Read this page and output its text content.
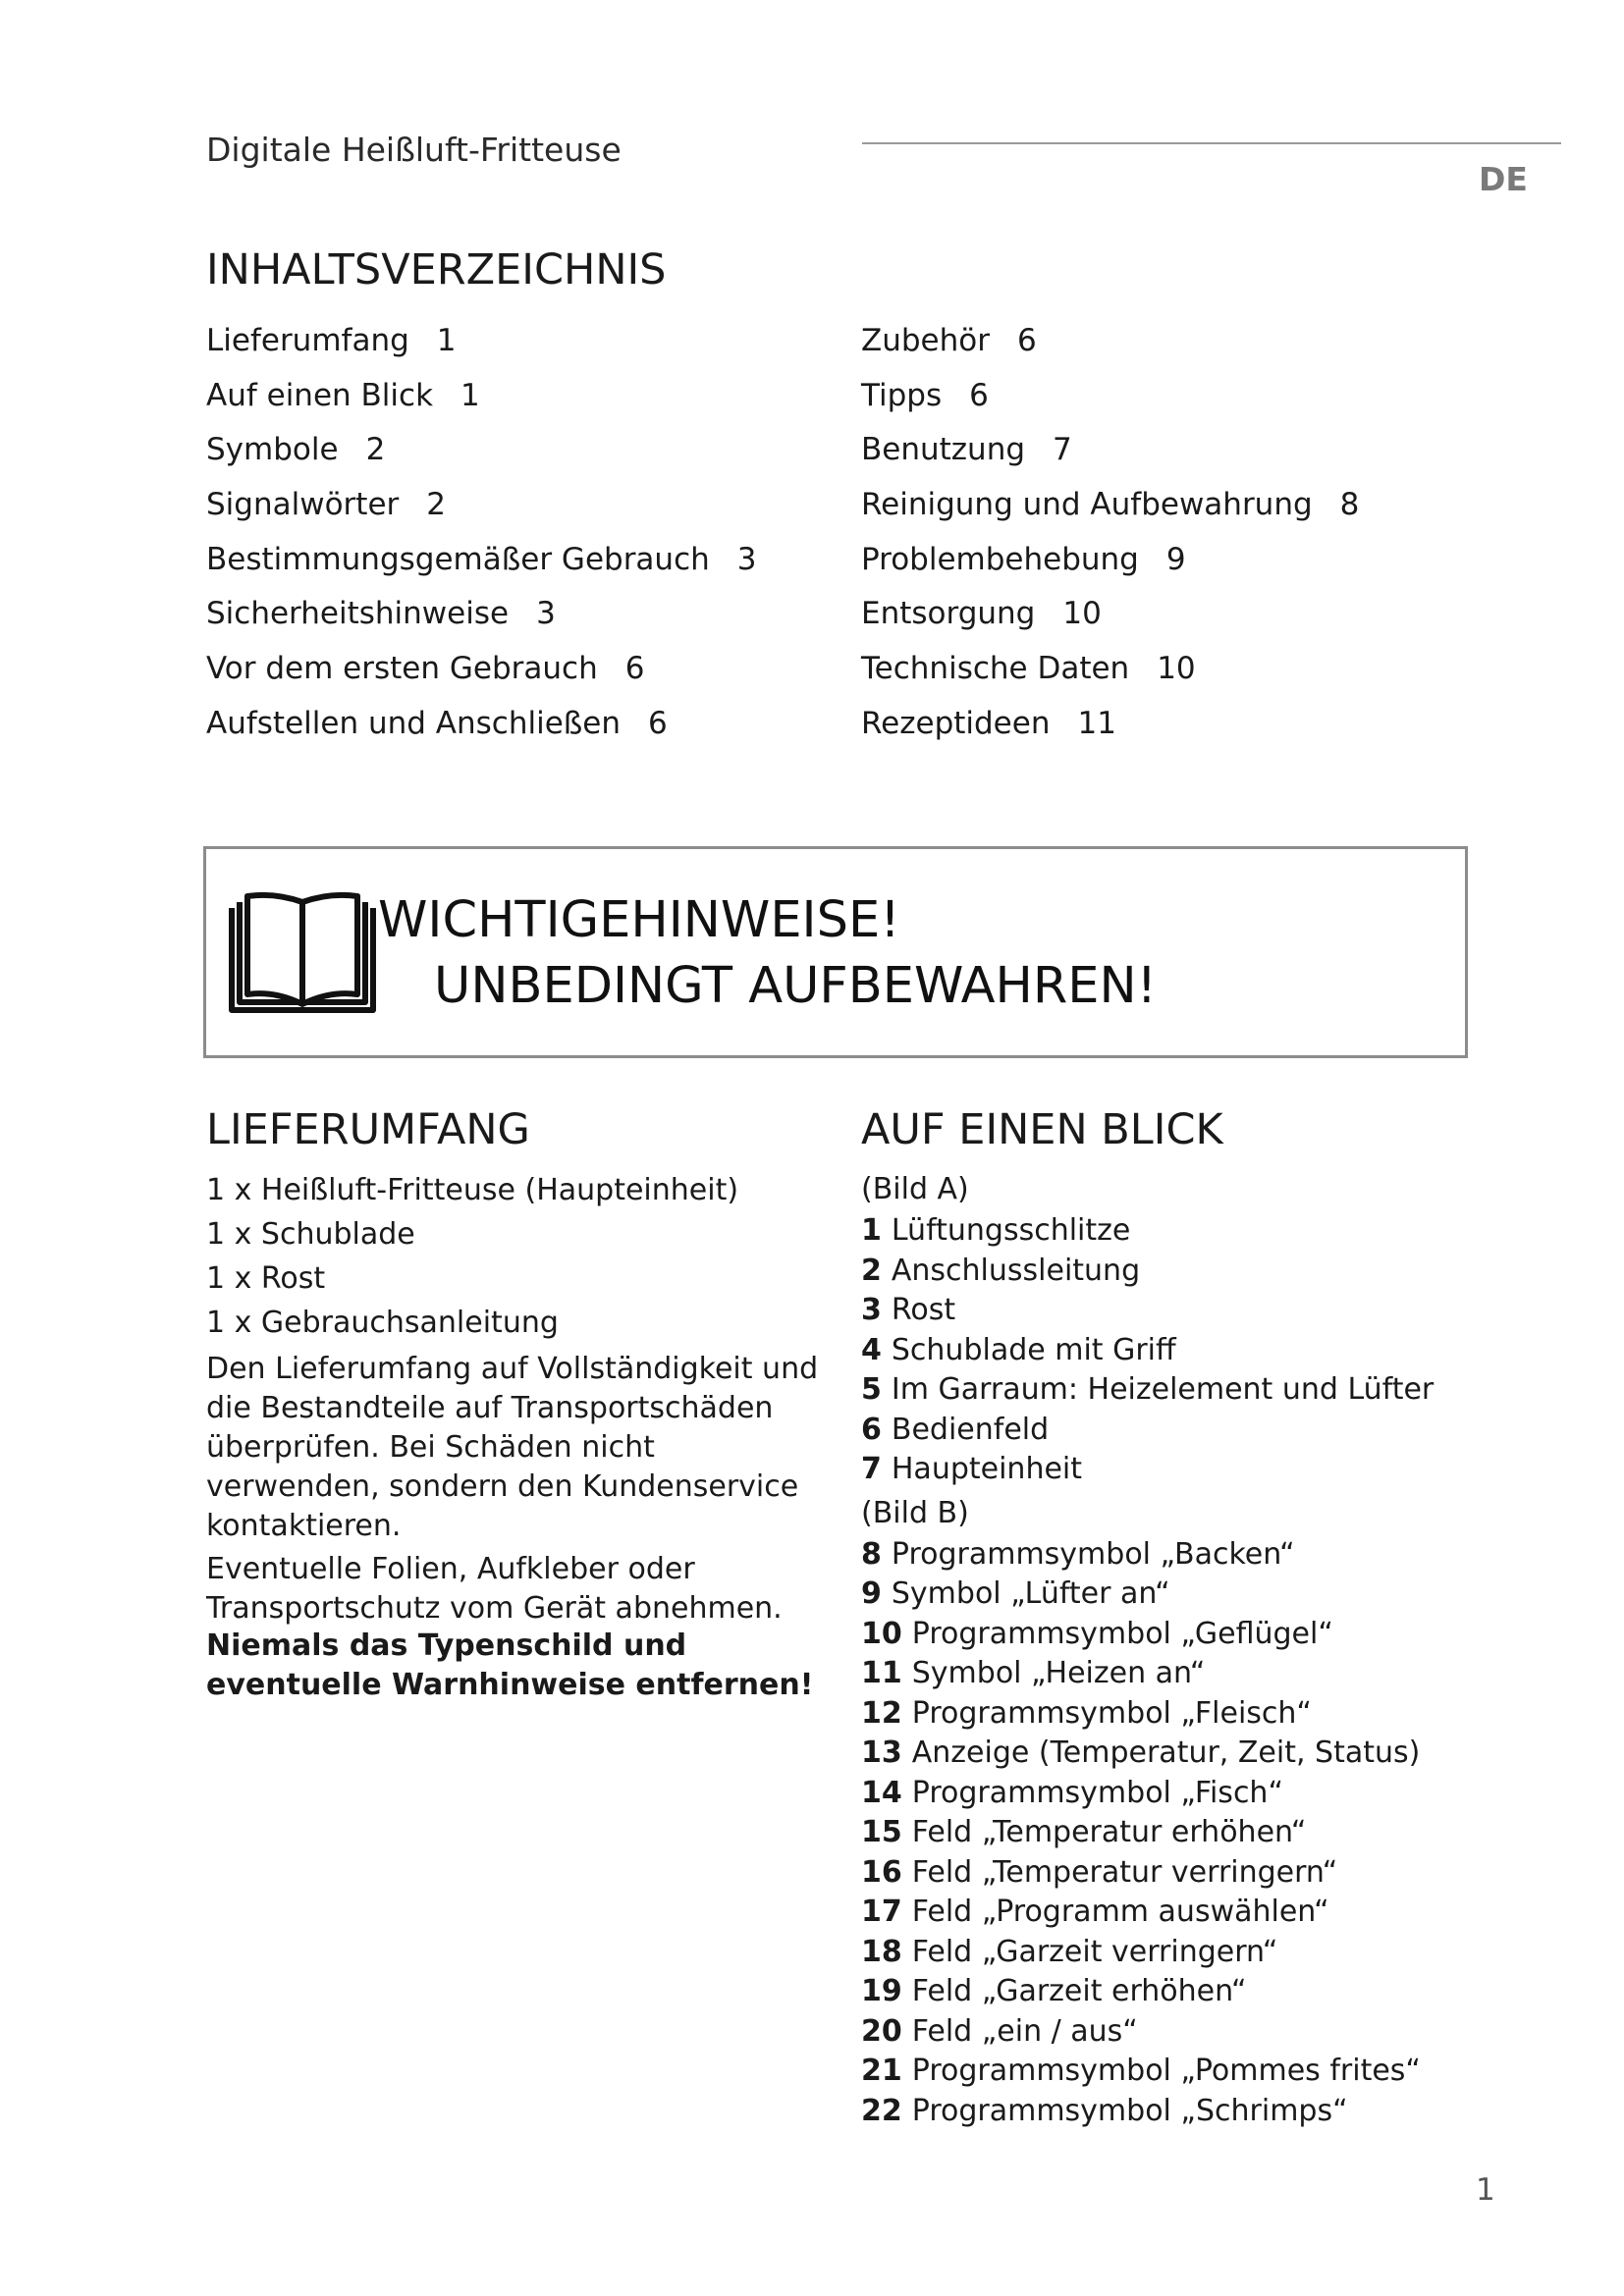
Digitale Heißluft-Fritteuse
DE
INHALTSVERZEICHNIS
Lieferumfang 1
Auf einen Blick 1
Symbole 2
Signalwörter 2
Bestimmungsgemäßer Gebrauch 3
Sicherheitshinweise 3
Vor dem ersten Gebrauch 6
Aufstellen und Anschließen 6
Zubehör 6
Tipps 6
Benutzung 7
Reinigung und Aufbewahrung 8
Problembehebung 9
Entsorgung 10
Technische Daten 10
Rezeptideen 11
WICHTIGEHINWEISE!
UNBEDINGT AUFBEWAHREN!
LIEFERUMFANG
1 x Heißluft-Fritteuse (Haupteinheit)
1 x Schublade
1 x Rost
1 x Gebrauchsanleitung
Den Lieferumfang auf Vollständigkeit und die Bestandteile auf Transportschäden überprüfen. Bei Schäden nicht verwenden, sondern den Kundenservice kontaktieren.
Eventuelle Folien, Aufkleber oder Transportschutz vom Gerät abnehmen.
Niemals das Typenschild und eventuelle Warnhinweise entfernen!
AUF EINEN BLICK
(Bild A)
1 Lüftungsschlitze
2 Anschlussleitung
3 Rost
4 Schublade mit Griff
5 Im Garraum: Heizelement und Lüfter
6 Bedienfeld
7 Haupteinheit
(Bild B)
8 Programmsymbol „Backen“
9 Symbol „Lüfter an“
10 Programmsymbol „Geflügel“
11 Symbol „Heizen an“
12 Programmsymbol „Fleisch“
13 Anzeige (Temperatur, Zeit, Status)
14 Programmsymbol „Fisch“
15 Feld „Temperatur erhöhen“
16 Feld „Temperatur verringern“
17 Feld „Programm auswählen“
18 Feld „Garzeit verringern“
19 Feld „Garzeit erhöhen“
20 Feld „ein / aus“
21 Programmsymbol „Pommes frites“
22 Programmsymbol „Schrimps“
1
